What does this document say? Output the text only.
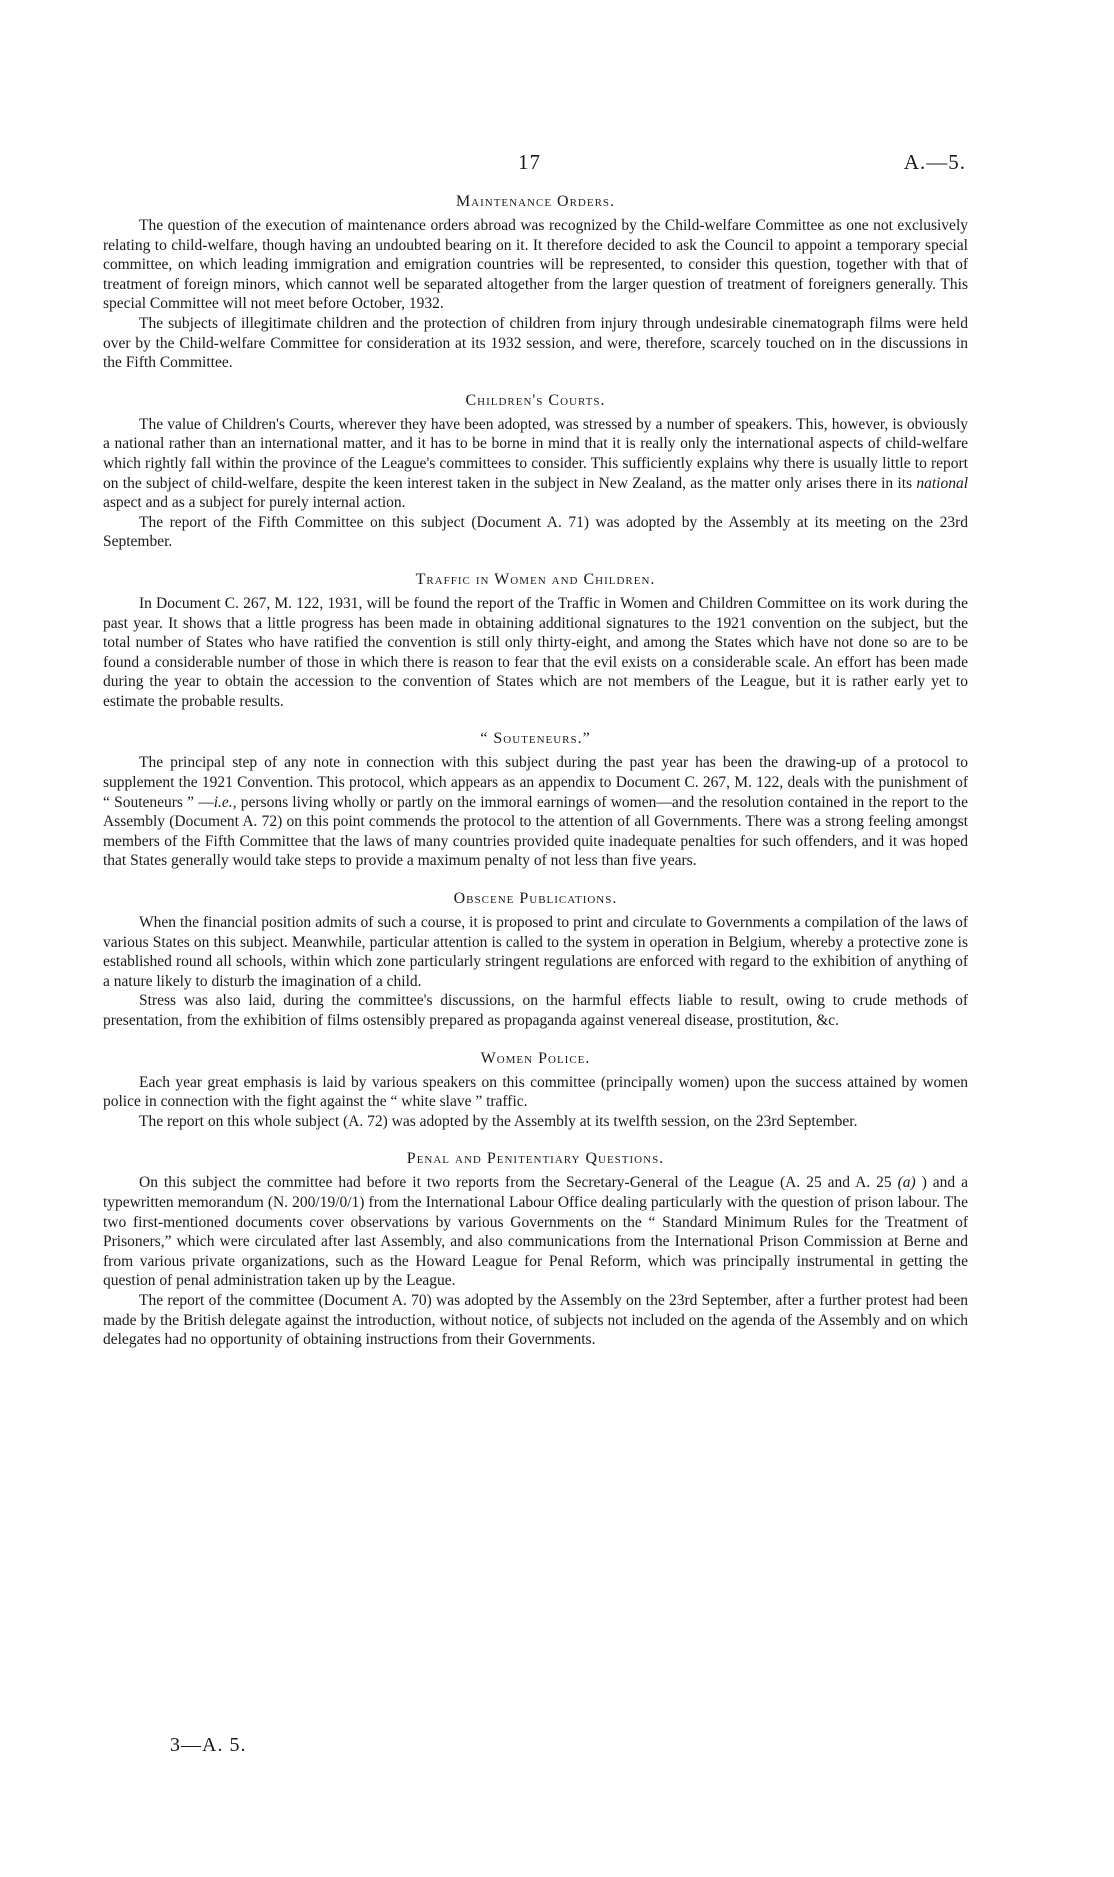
17	A.—5.
Maintenance Orders.

The question of the execution of maintenance orders abroad was recognized by the Child-welfare Committee as one not exclusively relating to child-welfare, though having an undoubted bearing on it. It therefore decided to ask the Council to appoint a temporary special committee, on which leading immigration and emigration countries will be represented, to consider this question, together with that of treatment of foreign minors, which cannot well be separated altogether from the larger question of treatment of foreigners generally. This special Committee will not meet before October, 1932.

The subjects of illegitimate children and the protection of children from injury through undesirable cinematograph films were held over by the Child-welfare Committee for consideration at its 1932 session, and were, therefore, scarcely touched on in the discussions in the Fifth Committee.

Children's Courts.

The value of Children's Courts, wherever they have been adopted, was stressed by a number of speakers. This, however, is obviously a national rather than an international matter, and it has to be borne in mind that it is really only the international aspects of child-welfare which rightly fall within the province of the League's committees to consider. This sufficiently explains why there is usually little to report on the subject of child-welfare, despite the keen interest taken in the subject in New Zealand, as the matter only arises there in its national aspect and as a subject for purely internal action.

The report of the Fifth Committee on this subject (Document A. 71) was adopted by the Assembly at its meeting on the 23rd September.

Traffic in Women and Children.

In Document C. 267, M. 122, 1931, will be found the report of the Traffic in Women and Children Committee on its work during the past year. It shows that a little progress has been made in obtaining additional signatures to the 1921 convention on the subject, but the total number of States who have ratified the convention is still only thirty-eight, and among the States which have not done so are to be found a considerable number of those in which there is reason to fear that the evil exists on a considerable scale. An effort has been made during the year to obtain the accession to the convention of States which are not members of the League, but it is rather early yet to estimate the probable results.

“ Souteneurs.”

The principal step of any note in connection with this subject during the past year has been the drawing-up of a protocol to supplement the 1921 Convention. This protocol, which appears as an appendix to Document C. 267, M. 122, deals with the punishment of “ Souteneurs ” —i.e., persons living wholly or partly on the immoral earnings of women—and the resolution contained in the report to the Assembly (Document A. 72) on this point commends the protocol to the attention of all Governments. There was a strong feeling amongst members of the Fifth Committee that the laws of many countries provided quite inadequate penalties for such offenders, and it was hoped that States generally would take steps to provide a maximum penalty of not less than five years.

Obscene Publications.

When the financial position admits of such a course, it is proposed to print and circulate to Governments a compilation of the laws of various States on this subject. Meanwhile, particular attention is called to the system in operation in Belgium, whereby a protective zone is established round all schools, within which zone particularly stringent regulations are enforced with regard to the exhibition of anything of a nature likely to disturb the imagination of a child.

Stress was also laid, during the committee's discussions, on the harmful effects liable to result, owing to crude methods of presentation, from the exhibition of films ostensibly prepared as propaganda against venereal disease, prostitution, &c.

Women Police.

Each year great emphasis is laid by various speakers on this committee (principally women) upon the success attained by women police in connection with the fight against the “ white slave ” traffic.

The report on this whole subject (A. 72) was adopted by the Assembly at its twelfth session, on the 23rd September.

Penal and Penitentiary Questions.

On this subject the committee had before it two reports from the Secretary-General of the League (A. 25 and A. 25 (a) ) and a typewritten memorandum (N. 200/19/0/1) from the International Labour Office dealing particularly with the question of prison labour. The two first-mentioned documents cover observations by various Governments on the “ Standard Minimum Rules for the Treatment of Prisoners,” which were circulated after last Assembly, and also communications from the International Prison Commission at Berne and from various private organizations, such as the Howard League for Penal Reform, which was principally instrumental in getting the question of penal administration taken up by the League.

The report of the committee (Document A. 70) was adopted by the Assembly on the 23rd September, after a further protest had been made by the British delegate against the introduction, without notice, of subjects not included on the agenda of the Assembly and on which delegates had no opportunity of obtaining instructions from their Governments.

3—A. 5.
